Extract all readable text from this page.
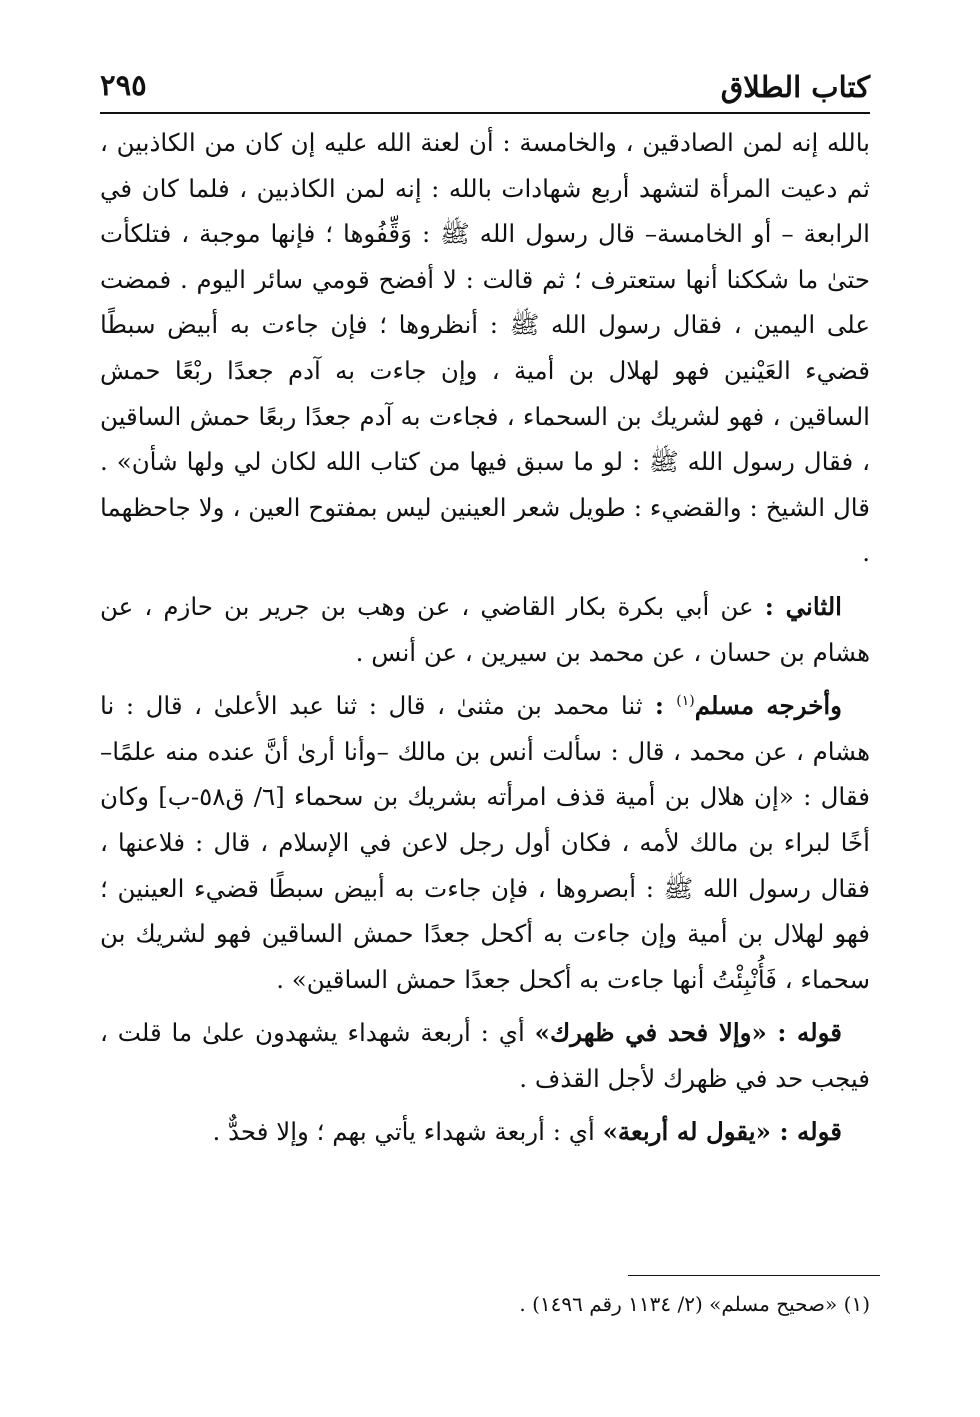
كتاب الطلاق
٢٩٥

بالله إنه لمن الصادقين ، والخامسة : أن لعنة الله عليه إن كان من الكاذبين ، ثم دعيت المرأة لتشهد أربع شهادات بالله : إنه لمن الكاذبين ، فلما كان في الرابعة – أو الخامسة– قال رسول الله ﷺ : وَقِّفُوها ؛ فإنها موجبة ، فتلكأت حتىٰ ما شككنا أنها ستعترف ؛ ثم قالت : لا أفضح قومي سائر اليوم . فمضت على اليمين ، فقال رسول الله ﷺ : أنظروها ؛ فإن جاءت به أبيض سبطًا قضيء العَيْنين فهو لهلال بن أمية ، وإن جاءت به آدم جعدًا ربْعًا حمش الساقين ، فهو لشريك بن السحماء ، فجاءت به آدم جعدًا ربعًا حمش الساقين ، فقال رسول الله ﷺ : لو ما سبق فيها من كتاب الله لكان لي ولها شأن» . قال الشيخ : والقضيء : طويل شعر العينين ليس بمفتوح العين ، ولا جاحظهما .

الثاني : عن أبي بكرة بكار القاضي ، عن وهب بن جرير بن حازم ، عن هشام بن حسان ، عن محمد بن سيرين ، عن أنس .

وأخرجه مسلم$^{(١)}$ : ثنا محمد بن مثنىٰ ، قال : ثنا عبد الأعلىٰ ، قال : نا هشام ، عن محمد ، قال : سألت أنس بن مالك –وأنا أرىٰ أنَّ عنده منه علمًا– فقال : «إن هلال بن أمية قذف امرأته بشريك بن سحماء [٦/ ق٥٨-ب] وكان أخًا لبراء بن مالك لأمه ، فكان أول رجل لاعن في الإسلام ، قال : فلاعنها ، فقال رسول الله ﷺ : أبصروها ، فإن جاءت به أبيض سبطًا قضيء العينين ؛ فهو لهلال بن أمية وإن جاءت به أكحل جعدًا حمش الساقين فهو لشريك بن سحماء ، فَأُنْبِئْتُ أنها جاءت به أكحل جعدًا حمش الساقين» .

قوله : «وإلا فحد في ظهرك» أي : أربعة شهداء يشهدون علىٰ ما قلت ، فيجب حد في ظهرك لأجل القذف .

قوله : «يقول له أربعة» أي : أربعة شهداء يأتي بهم ؛ وإلا فحدٌّ .

(١) «صحيح مسلم» (٢/ ١١٣٤ رقم ١٤٩٦) .
